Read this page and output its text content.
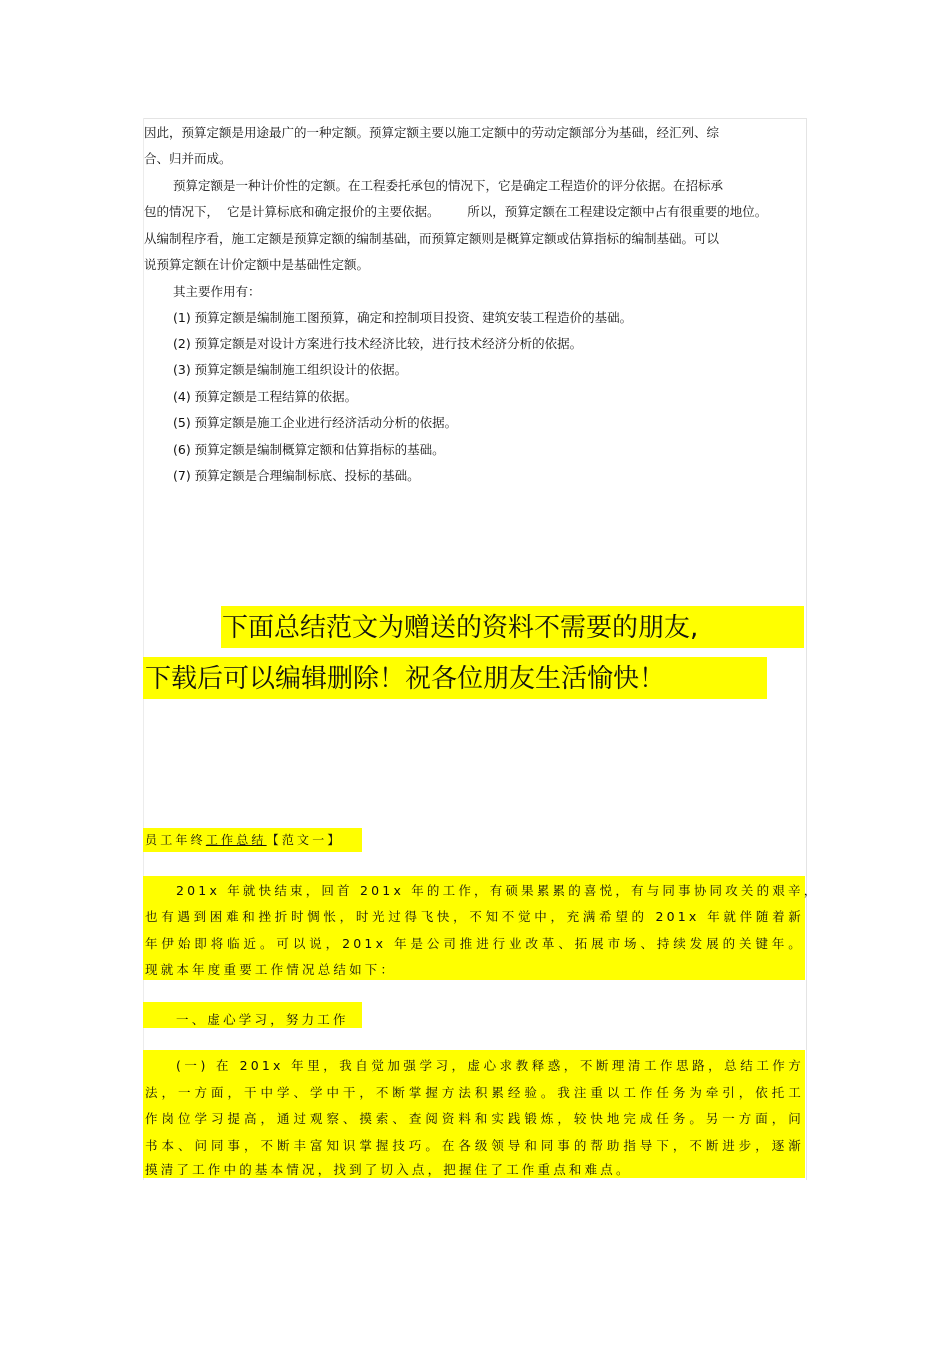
因此，预算定额是用途最广的一种定额。预算定额主要以施工定额中的劳动定额部分为基础，经汇列、综
合、归并而成。
预算定额是一种计价性的定额。在工程委托承包的情况下，它是确定工程造价的评分依据。在招标承
包的情况下，  它是计算标底和确定报价的主要依据。       所以，预算定额在工程建设定额中占有很重要的地位。
从编制程序看，施工定额是预算定额的编制基础，而预算定额则是概算定额或估算指标的编制基础。可以
说预算定额在计价定额中是基础性定额。
其主要作用有：
(1) 预算定额是编制施工图预算，确定和控制项目投资、建筑安装工程造价的基础。
(2) 预算定额是对设计方案进行技术经济比较，进行技术经济分析的依据。
(3) 预算定额是编制施工组织设计的依据。
(4) 预算定额是工程结算的依据。
(5) 预算定额是施工企业进行经济活动分析的依据。
(6) 预算定额是编制概算定额和估算指标的基础。
(7) 预算定额是合理编制标底、投标的基础。
下面总结范文为赠送的资料不需要的朋友,
下载后可以编辑删除！祝各位朋友生活愉快！
员工年终工作总结【范文一】
201x 年就快结束，回首 201x 年的工作，有硕果累累的喜悦，有与同事协同攻关的艰辛，
也有遇到困难和挫折时惆怅，时光过得飞快，不知不觉中，充满希望的 201x 年就伴随着新
年伊始即将临近。可以说，201x 年是公司推进行业改革、拓展市场、持续发展的关键年。
现就本年度重要工作情况总结如下：
一、虚心学习，努力工作
(一) 在 201x 年里，我自觉加强学习，虚心求教释惑，不断理清工作思路，总结工作方
法，一方面，干中学、学中干，不断掌握方法积累经验。我注重以工作任务为牵引，依托工
作岗位学习提高，通过观察、摸索、查阅资料和实践锻炼，较快地完成任务。另一方面，问
书本、问同事，不断丰富知识掌握技巧。在各级领导和同事的帮助指导下，不断进步，逐渐
摸清了工作中的基本情况，找到了切入点，把握住了工作重点和难点。
